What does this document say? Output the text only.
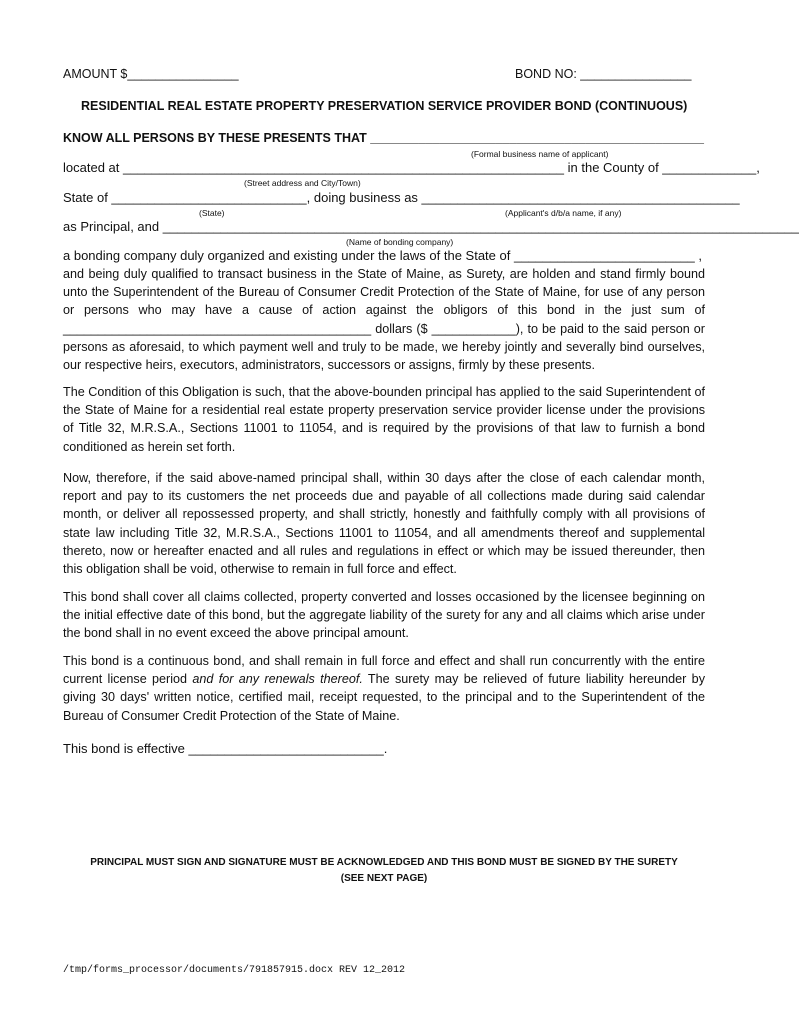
AMOUNT $________________	BOND NO: ________________
RESIDENTIAL REAL ESTATE PROPERTY PRESERVATION SERVICE PROVIDER BOND (CONTINUOUS)
KNOW ALL PERSONS BY THESE PRESENTS THAT ________________________________________________
(Formal business name of applicant)
located at _____________________________________________________________ in the County of _____________,
(Street address and City/Town)
State of ___________________________, doing business as ____________________________________________
(State)	(Applicant's d/b/a name, if any)
as Principal, and ________________________________________________________________________________________
(Name of bonding company)
a bonding company duly organized and existing under the laws of the State of _________________________ ,
and being duly qualified to transact business in the State of Maine, as Surety, are holden and stand firmly bound unto the Superintendent of the Bureau of Consumer Credit Protection of the State of Maine, for use of any person or persons who may have a cause of action against the obligors of this bond in the just sum of ____________________________________________ dollars ($ ____________), to be paid to the said person or persons as aforesaid, to which payment well and truly to be made, we hereby jointly and severally bind ourselves, our respective heirs, executors, administrators, successors or assigns, firmly by these presents.
The Condition of this Obligation is such, that the above-bounden principal has applied to the said Superintendent of the State of Maine for a residential real estate property preservation service provider license under the provisions of Title 32, M.R.S.A., Sections 11001 to 11054, and is required by the provisions of that law to furnish a bond conditioned as herein set forth.
Now, therefore, if the said above-named principal shall, within 30 days after the close of each calendar month, report and pay to its customers the net proceeds due and payable of all collections made during said calendar month, or deliver all repossessed property, and shall strictly, honestly and faithfully comply with all provisions of state law including Title 32, M.R.S.A., Sections 11001 to 11054, and all amendments thereof and supplemental thereto, now or hereafter enacted and all rules and regulations in effect or which may be issued thereunder, then this obligation shall be void, otherwise to remain in full force and effect.
This bond shall cover all claims collected, property converted and losses occasioned by the licensee beginning on the initial effective date of this bond, but the aggregate liability of the surety for any and all claims which arise under the bond shall in no event exceed the above principal amount.
This bond is a continuous bond, and shall remain in full force and effect and shall run concurrently with the entire current license period and for any renewals thereof. The surety may be relieved of future liability hereunder by giving 30 days' written notice, certified mail, receipt requested, to the principal and to the Superintendent of the Bureau of Consumer Credit Protection of the State of Maine.
This bond is effective ___________________________.
PRINCIPAL MUST SIGN AND SIGNATURE MUST BE ACKNOWLEDGED AND THIS BOND MUST BE SIGNED BY THE SURETY
(SEE NEXT PAGE)
/tmp/forms_processor/documents/791857915.docx REV 12_2012
